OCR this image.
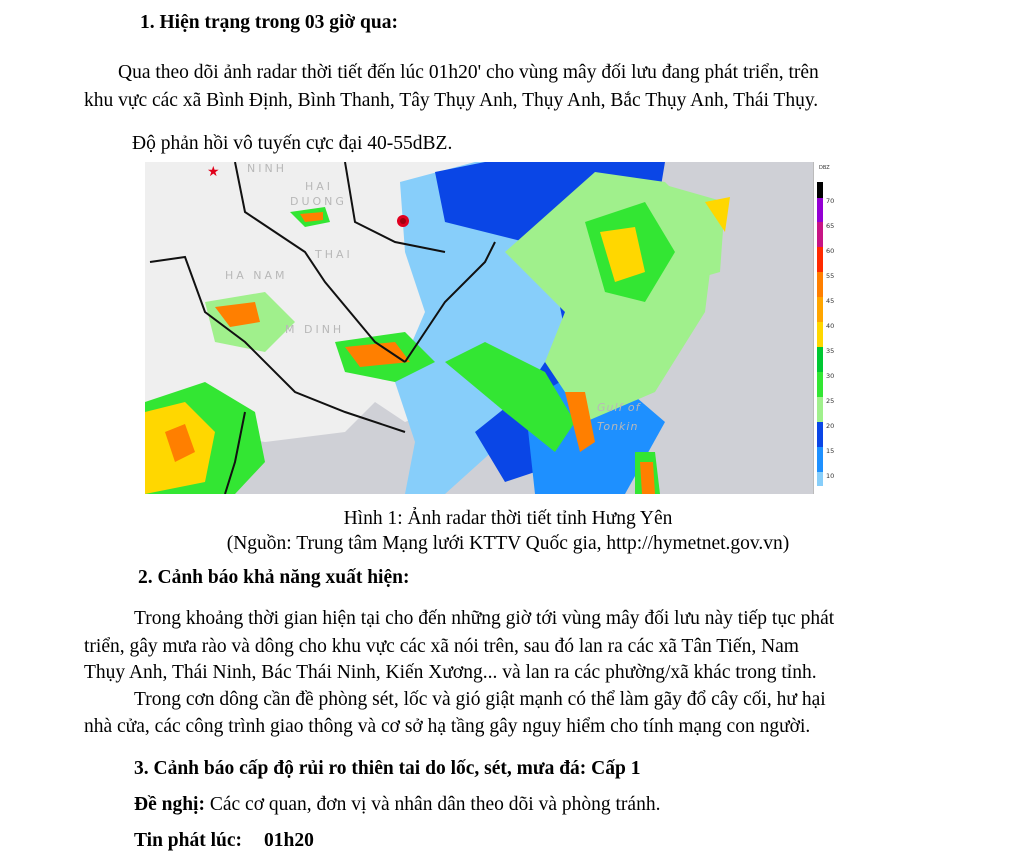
1. Hiện trạng trong 03 giờ qua:
Qua theo dõi ảnh radar thời tiết đến lúc 01h20' cho vùng mây đối lưu đang phát triển, trên
khu vực các xã Bình Định, Bình Thanh, Tây Thụy Anh, Thụy Anh, Bắc Thụy Anh, Thái Thụy.
Độ phản hồi vô tuyến cực đại 40-55dBZ.
★ NINH
HAI
DUONG
THAI
HA NAM
M DINH
Gulf of
Tonkin
DBZ
70
65
60
55
45
40
35
30
25
20
15
10
Hình 1: Ảnh radar thời tiết tỉnh Hưng Yên
(Nguồn: Trung tâm Mạng lưới KTTV Quốc gia, http://hymetnet.gov.vn)
2. Cảnh báo khả năng xuất hiện:
Trong khoảng thời gian hiện tại cho đến những giờ tới vùng mây đối lưu này tiếp tục phát
triển, gây mưa rào và dông cho khu vực các xã nói trên, sau đó lan ra các xã Tân Tiến, Nam
Thụy Anh, Thái Ninh, Bác Thái Ninh, Kiến Xương... và lan ra các phường/xã khác trong tỉnh.
Trong cơn dông cần đề phòng sét, lốc và gió giật mạnh có thể làm gãy đổ cây cối, hư hại
nhà cửa, các công trình giao thông và cơ sở hạ tầng gây nguy hiểm cho tính mạng con người.
3. Cảnh báo cấp độ rủi ro thiên tai do lốc, sét, mưa đá: Cấp 1
Đề nghị: Các cơ quan, đơn vị và nhân dân theo dõi và phòng tránh.
Tin phát lúc: 01h20
